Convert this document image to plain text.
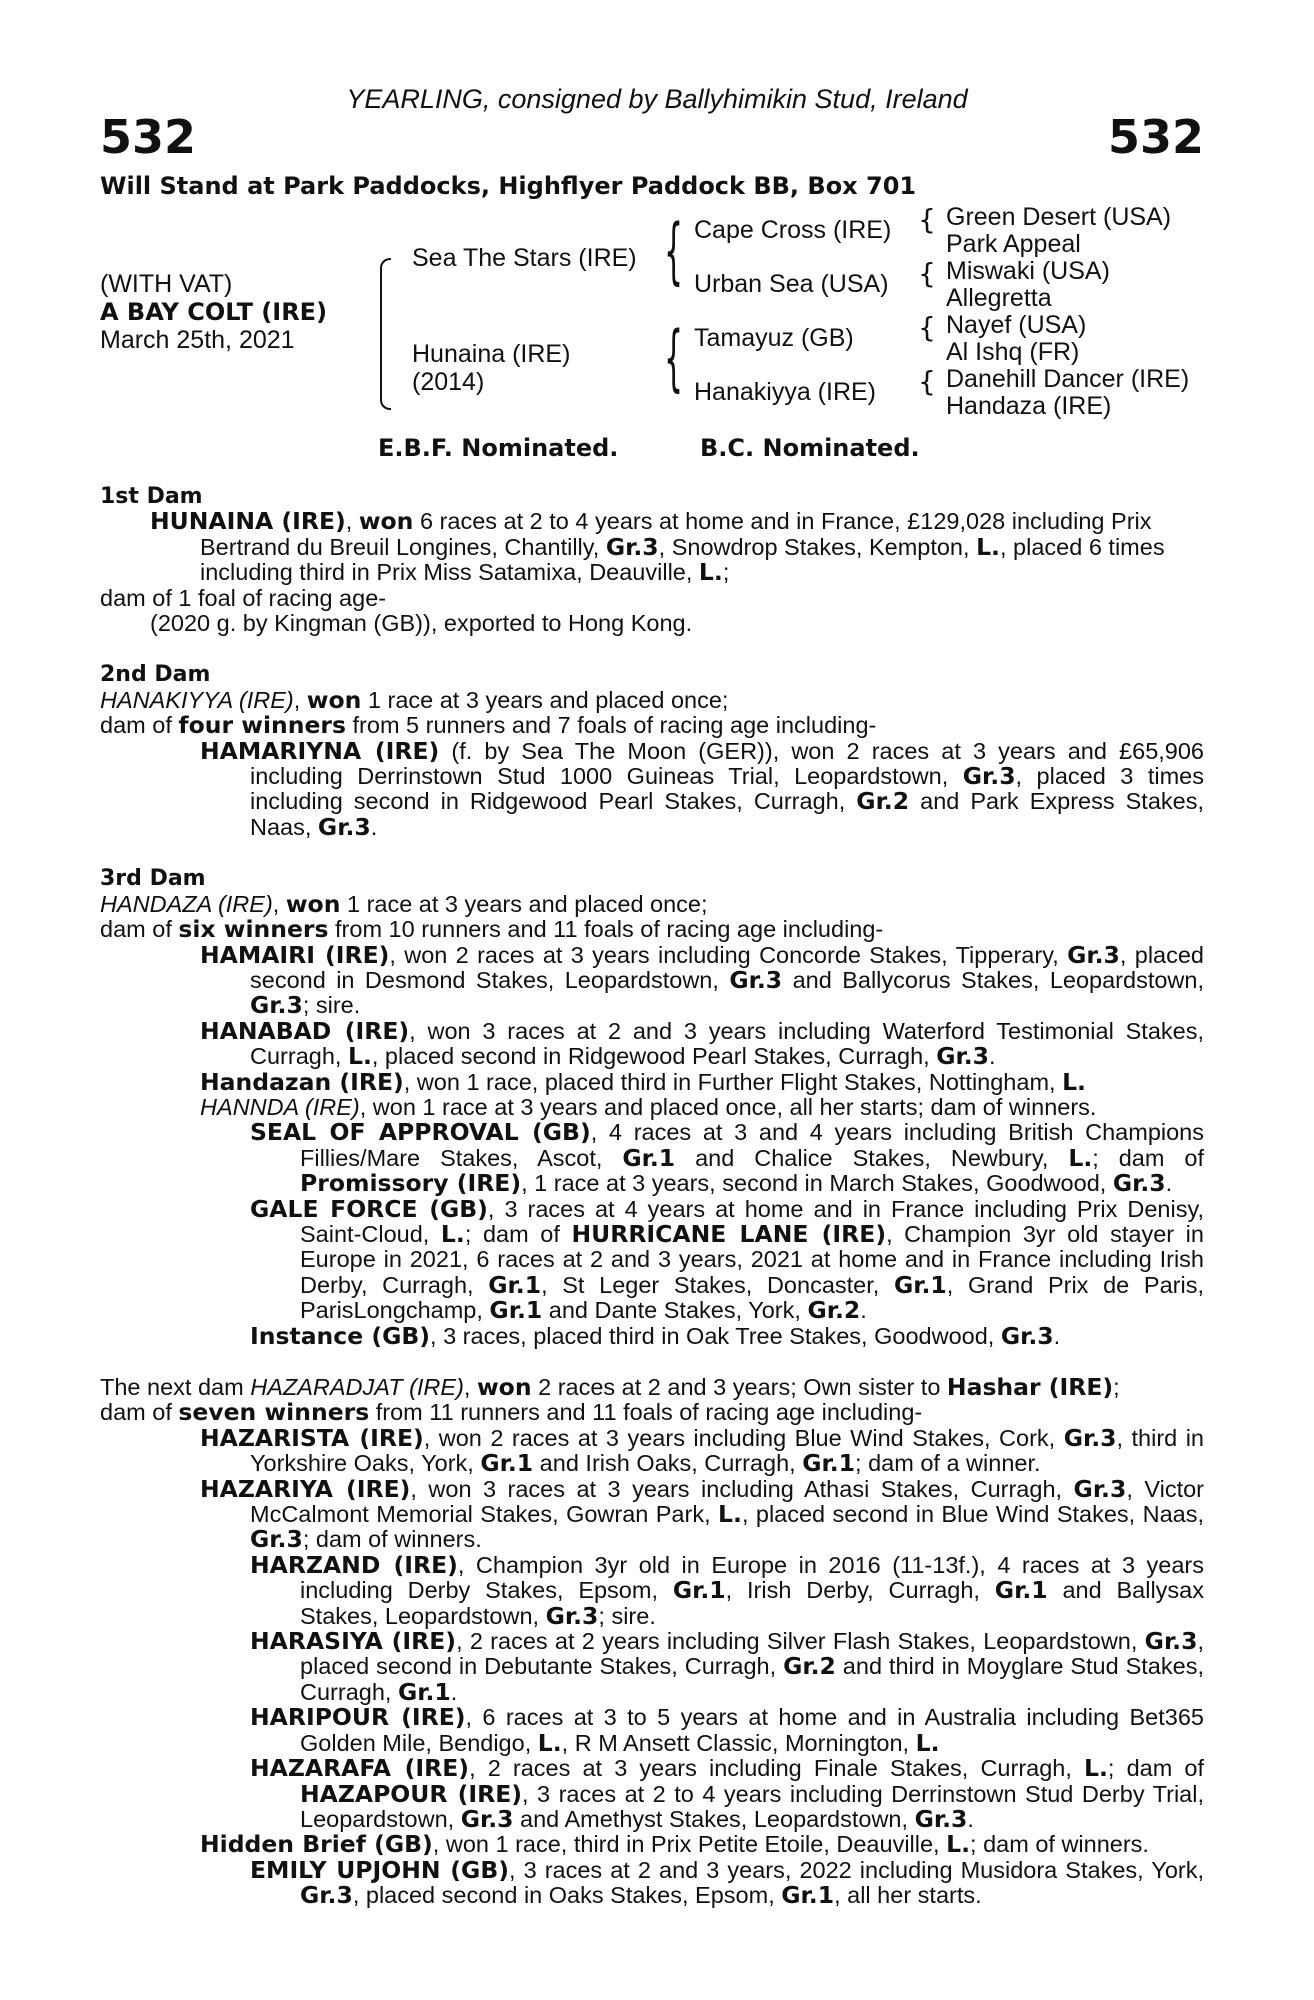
YEARLING, consigned by Ballyhimikin Stud, Ireland
532	532
Will Stand at Park Paddocks, Highflyer Paddock BB, Box 701
(WITH VAT)
A BAY COLT (IRE)
March 25th, 2021
Sea The Stars (IRE)
Hunaina (IRE)
(2014)
{
{
Cape Cross (IRE)
Urban Sea (USA)
Tamayuz (GB)
Hanakiyya (IRE)
{
{
{
{
Green Desert (USA)
Park Appeal
Miswaki (USA)
Allegretta
Nayef (USA)
Al Ishq (FR)
Danehill Dancer (IRE)
Handaza (IRE)
E.B.F. Nominated.	B.C. Nominated.

1st Dam

HUNAINA (IRE), won 6 races at 2 to 4 years at home and in France, £129,028 including Prix Bertrand du Breuil Longines, Chantilly, Gr.3, Snowdrop Stakes, Kempton, L., placed 6 times including third in Prix Miss Satamixa, Deauville, L.;

dam of 1 foal of racing age-

(2020 g. by Kingman (GB)), exported to Hong Kong.

2nd Dam

HANAKIYYA (IRE), won 1 race at 3 years and placed once;

dam of four winners from 5 runners and 7 foals of racing age including-

HAMARIYNA (IRE) (f. by Sea The Moon (GER)), won 2 races at 3 years and £65,906 including Derrinstown Stud 1000 Guineas Trial, Leopardstown, Gr.3, placed 3 times including second in Ridgewood Pearl Stakes, Curragh, Gr.2 and Park Express Stakes, Naas, Gr.3.

3rd Dam

HANDAZA (IRE), won 1 race at 3 years and placed once;

dam of six winners from 10 runners and 11 foals of racing age including-

HAMAIRI (IRE), won 2 races at 3 years including Concorde Stakes, Tipperary, Gr.3, placed second in Desmond Stakes, Leopardstown, Gr.3 and Ballycorus Stakes, Leopardstown, Gr.3; sire.

HANABAD (IRE), won 3 races at 2 and 3 years including Waterford Testimonial Stakes, Curragh, L., placed second in Ridgewood Pearl Stakes, Curragh, Gr.3.

Handazan (IRE), won 1 race, placed third in Further Flight Stakes, Nottingham, L.

HANNDA (IRE), won 1 race at 3 years and placed once, all her starts; dam of winners.

SEAL OF APPROVAL (GB), 4 races at 3 and 4 years including British Champions Fillies/Mare Stakes, Ascot, Gr.1 and Chalice Stakes, Newbury, L.; dam of Promissory (IRE), 1 race at 3 years, second in March Stakes, Goodwood, Gr.3.

GALE FORCE (GB), 3 races at 4 years at home and in France including Prix Denisy, Saint-Cloud, L.; dam of HURRICANE LANE (IRE), Champion 3yr old stayer in Europe in 2021, 6 races at 2 and 3 years, 2021 at home and in France including Irish Derby, Curragh, Gr.1, St Leger Stakes, Doncaster, Gr.1, Grand Prix de Paris, ParisLongchamp, Gr.1 and Dante Stakes, York, Gr.2.

Instance (GB), 3 races, placed third in Oak Tree Stakes, Goodwood, Gr.3.

The next dam HAZARADJAT (IRE), won 2 races at 2 and 3 years; Own sister to Hashar (IRE);

dam of seven winners from 11 runners and 11 foals of racing age including-

HAZARISTA (IRE), won 2 races at 3 years including Blue Wind Stakes, Cork, Gr.3, third in Yorkshire Oaks, York, Gr.1 and Irish Oaks, Curragh, Gr.1; dam of a winner.

HAZARIYA (IRE), won 3 races at 3 years including Athasi Stakes, Curragh, Gr.3, Victor McCalmont Memorial Stakes, Gowran Park, L., placed second in Blue Wind Stakes, Naas, Gr.3; dam of winners.

HARZAND (IRE), Champion 3yr old in Europe in 2016 (11-13f.), 4 races at 3 years including Derby Stakes, Epsom, Gr.1, Irish Derby, Curragh, Gr.1 and Ballysax Stakes, Leopardstown, Gr.3; sire.

HARASIYA (IRE), 2 races at 2 years including Silver Flash Stakes, Leopardstown, Gr.3, placed second in Debutante Stakes, Curragh, Gr.2 and third in Moyglare Stud Stakes, Curragh, Gr.1.

HARIPOUR (IRE), 6 races at 3 to 5 years at home and in Australia including Bet365 Golden Mile, Bendigo, L., R M Ansett Classic, Mornington, L.

HAZARAFA (IRE), 2 races at 3 years including Finale Stakes, Curragh, L.; dam of HAZAPOUR (IRE), 3 races at 2 to 4 years including Derrinstown Stud Derby Trial, Leopardstown, Gr.3 and Amethyst Stakes, Leopardstown, Gr.3.

Hidden Brief (GB), won 1 race, third in Prix Petite Etoile, Deauville, L.; dam of winners.

EMILY UPJOHN (GB), 3 races at 2 and 3 years, 2022 including Musidora Stakes, York, Gr.3, placed second in Oaks Stakes, Epsom, Gr.1, all her starts.
